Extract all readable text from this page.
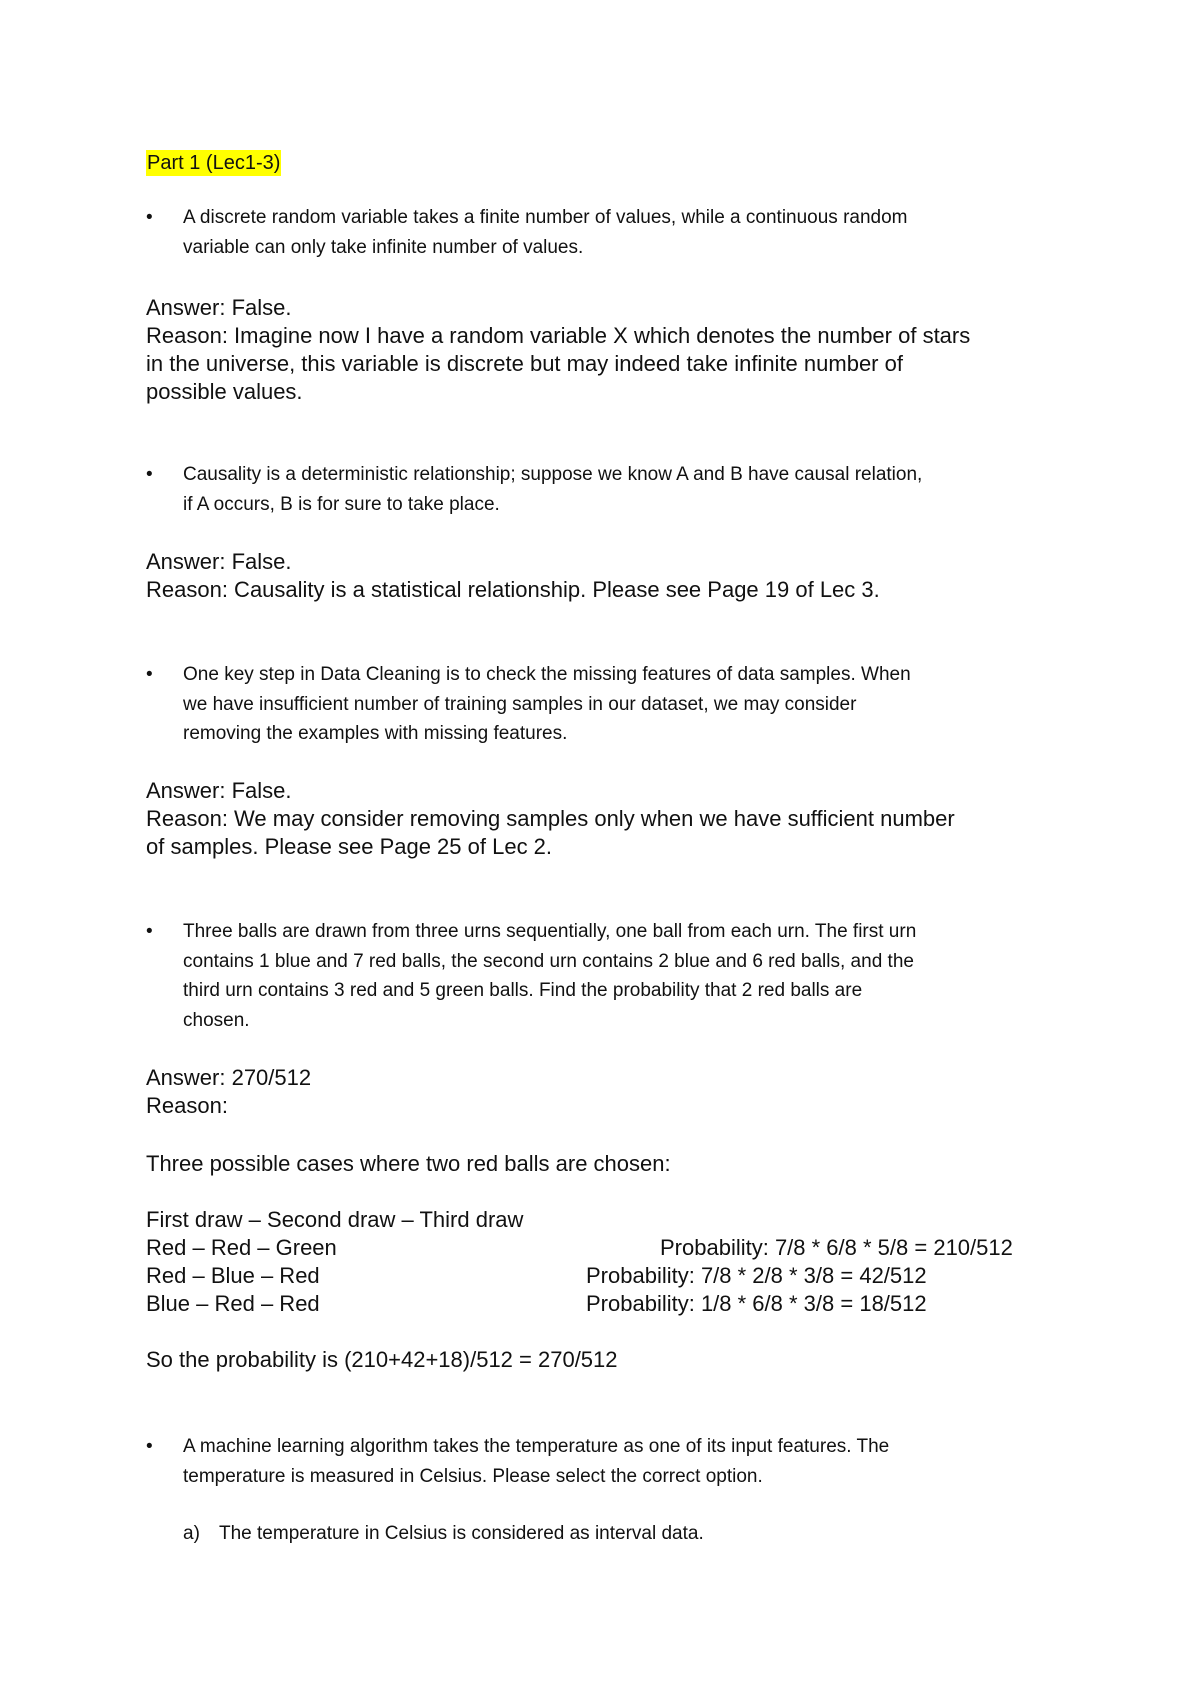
Part 1 (Lec1-3)
•	A discrete random variable takes a finite number of values, while a continuous random
variable can only take infinite number of values.
Answer: False.
Reason: Imagine now I have a random variable X which denotes the number of stars
in the universe, this variable is discrete but may indeed take infinite number of
possible values.
•	Causality is a deterministic relationship; suppose we know A and B have causal relation,
if A occurs, B is for sure to take place.
Answer: False.
Reason: Causality is a statistical relationship. Please see Page 19 of Lec 3.
•	One key step in Data Cleaning is to check the missing features of data samples. When
we have insufficient number of training samples in our dataset, we may consider
removing the examples with missing features.
Answer: False.
Reason: We may consider removing samples only when we have sufficient number
of samples. Please see Page 25 of Lec 2.
•	Three balls are drawn from three urns sequentially, one ball from each urn. The first urn
contains 1 blue and 7 red balls, the second urn contains 2 blue and 6 red balls, and the
third urn contains 3 red and 5 green balls. Find the probability that 2 red balls are
chosen.
Answer: 270/512
Reason:
Three possible cases where two red balls are chosen:
First draw – Second draw – Third draw
Red – Red – Green	Probability: 7/8 * 6/8 * 5/8 = 210/512
Red – Blue – Red	Probability: 7/8 * 2/8 * 3/8 = 42/512
Blue – Red – Red	Probability: 1/8 * 6/8 * 3/8 = 18/512
So the probability is (210+42+18)/512 = 270/512
•	A machine learning algorithm takes the temperature as one of its input features. The
temperature is measured in Celsius. Please select the correct option.
a) The temperature in Celsius is considered as interval data.
